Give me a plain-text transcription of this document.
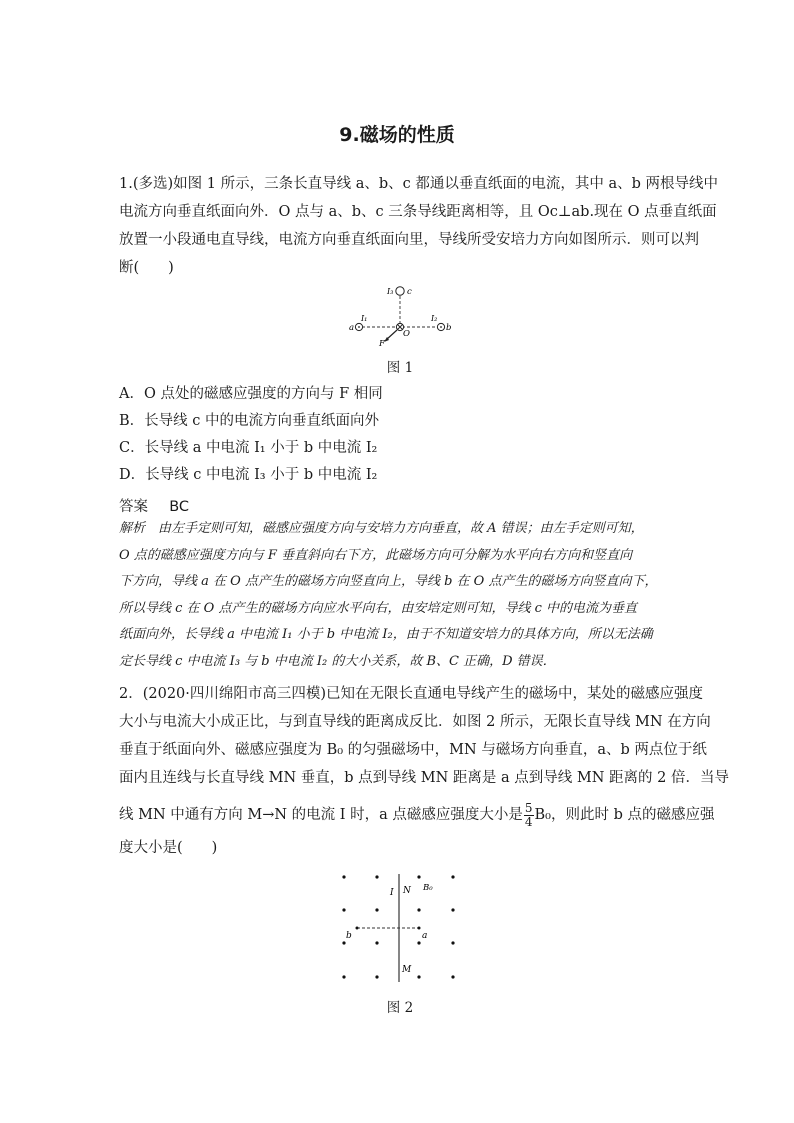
9.磁场的性质
1.(多选)如图 1 所示，三条长直导线 a、b、c 都通以垂直纸面的电流，其中 a、b 两根导线中
电流方向垂直纸面向外．O 点与 a、b、c 三条导线距离相等，且 Oc⊥ab.现在 O 点垂直纸面
放置一小段通电直导线，电流方向垂直纸面向里，导线所受安培力方向如图所示．则可以判
断(　　)
I₃ c
I₁
a
I₂
b
O
F
图 1
A．O 点处的磁感应强度的方向与 F 相同
B．长导线 c 中的电流方向垂直纸面向外
C．长导线 a 中电流 I₁ 小于 b 中电流 I₂
D．长导线 c 中电流 I₃ 小于 b 中电流 I₂
答案 BC
解析　由左手定则可知，磁感应强度方向与安培力方向垂直，故 A 错误；由左手定则可知，
O 点的磁感应强度方向与 F 垂直斜向右下方，此磁场方向可分解为水平向右方向和竖直向
下方向，导线 a 在 O 点产生的磁场方向竖直向上，导线 b 在 O 点产生的磁场方向竖直向下，
所以导线 c 在 O 点产生的磁场方向应水平向右，由安培定则可知，导线 c 中的电流为垂直
纸面向外，长导线 a 中电流 I₁ 小于 b 中电流 I₂，由于不知道安培力的具体方向，所以无法确
定长导线 c 中电流 I₃ 与 b 中电流 I₂ 的大小关系，故 B、C 正确，D 错误．
2．(2020·四川绵阳市高三四模)已知在无限长直通电导线产生的磁场中，某处的磁感应强度
大小与电流大小成正比，与到直导线的距离成反比．如图 2 所示，无限长直导线 MN 在方向
垂直于纸面向外、磁感应强度为 B₀ 的匀强磁场中，MN 与磁场方向垂直，a、b 两点位于纸
面内且连线与长直导线 MN 垂直，b 点到导线 MN 距离是 a 点到导线 MN 距离的 2 倍．当导
线 MN 中通有方向 M→N 的电流 I 时，a 点磁感应强度大小是 $\frac{5}{4} B_0$，则此时 b 点的磁感应强
度大小是(　　)
I N B₀
a
b
M
图 2
